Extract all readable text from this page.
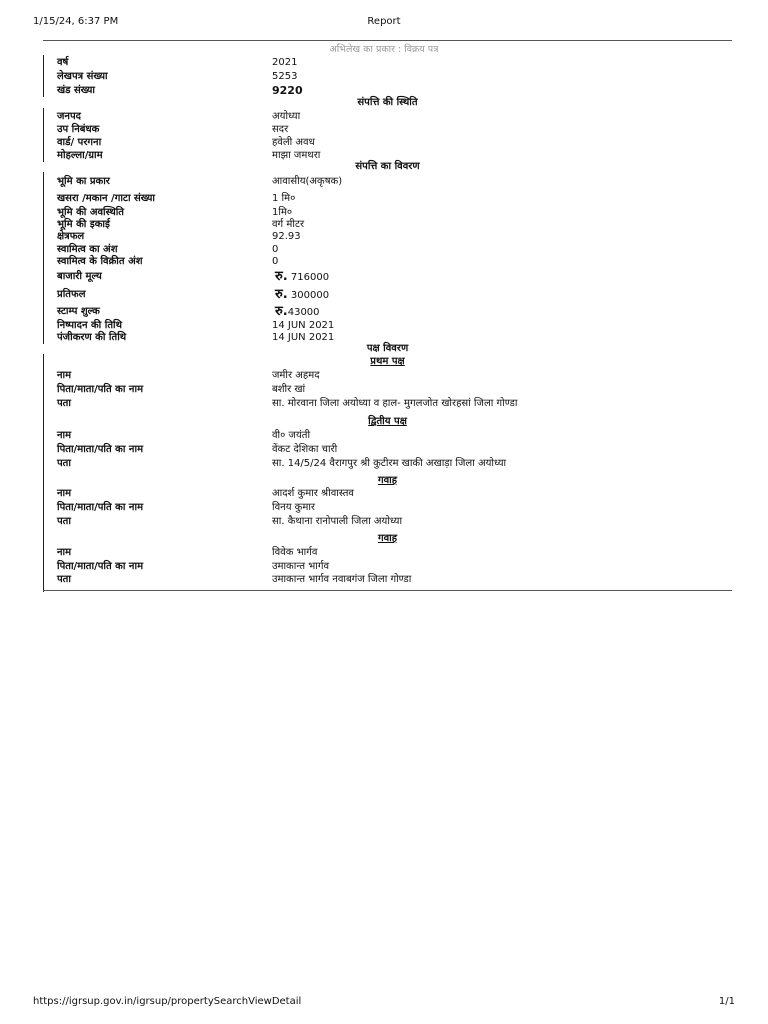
1/15/24, 6:37 PM	Report
अभिलेख का प्रकार : विक्रय पत्र
वर्ष	2021
लेखपत्र संख्या	5253
खंड संख्या	9220
संपत्ति की स्थिति
जनपद	अयोध्या
उप निबंधक	सदर
वार्ड/ परगना	हवेली अवध
मोहल्ला/ग्राम	माझा जमथरा
संपत्ति का विवरण
भूमि का प्रकार	आवासीय(अकृषक)
खसरा /मकान /गाटा संख्या	1 मि०
भूमि की अवस्थिति	1मि०
भूमि की इकाई	वर्ग मीटर
क्षेत्रफल	92.93
स्वामित्व का अंश	0
स्वामित्व के विक्रीत अंश	0
बाजारी मूल्य	रु. 716000
प्रतिफल	रु. 300000
स्टाम्प शुल्क	रु.43000
निष्पादन की तिथि	14 JUN 2021
पंजीकरण की तिथि	14 JUN 2021
पक्ष विवरण
प्रथम पक्ष
नाम	जमीर अहमद
पिता/माता/पति का नाम	बशीर खां
पता	सा. मोरवाना जिला अयोध्या व हाल- मुगलजोत खोरहसां जिला गोण्डा
द्वितीय पक्ष
नाम	वी० जयंती
पिता/माता/पति का नाम	वेंकट देशिका चारी
पता	सा. 14/5/24 वैरागपुर श्री कुटीरम खाकी अखाड़ा जिला अयोध्या
गवाह
नाम	आदर्श कुमार श्रीवास्तव
पिता/माता/पति का नाम	विनय कुमार
पता	सा. कैथाना रानोपाली जिला अयोध्या
गवाह
नाम	विवेक भार्गव
पिता/माता/पति का नाम	उमाकान्त भार्गव
पता	उमाकान्त भार्गव नवाबगंज जिला गोण्डा
https://igrsup.gov.in/igrsup/propertySearchViewDetail	1/1
